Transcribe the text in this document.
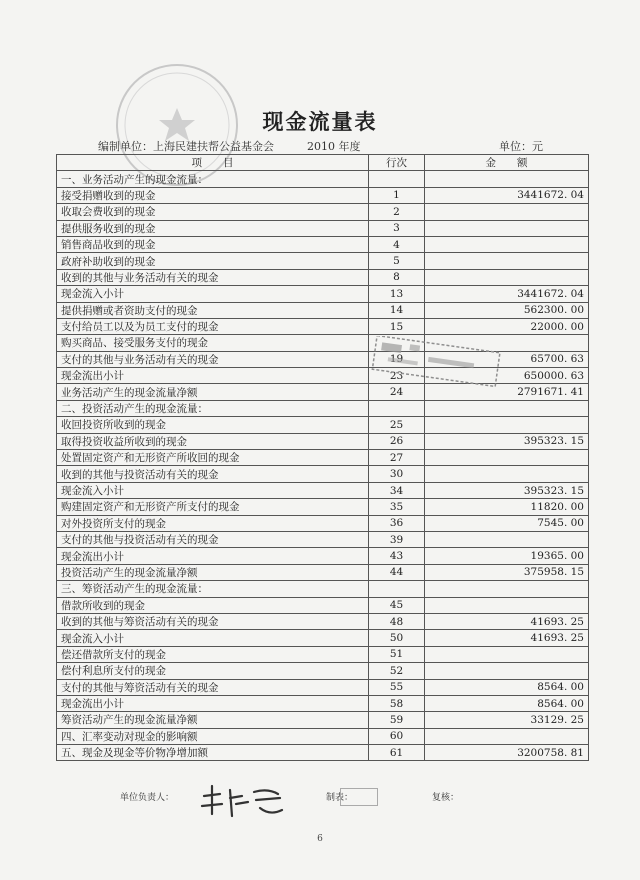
现金流量表
编制单位：上海民建扶帮公益基金会	2010 年度	单位：元
项　　目	行次	金　　额
一、业务活动产生的现金流量：		
接受捐赠收到的现金	1	3441672. 04
收取会费收到的现金	2	
提供服务收到的现金	3	
销售商品收到的现金	4	
政府补助收到的现金	5	
收到的其他与业务活动有关的现金	8	
现金流入小计	13	3441672. 04
提供捐赠或者资助支付的现金	14	562300. 00
支付给员工以及为员工支付的现金	15	22000. 00
购买商品、接受服务支付的现金		
支付的其他与业务活动有关的现金		65700. 63
现金流出小计	23	650000. 63
业务活动产生的现金流量净额	24	2791671. 41
二、投资活动产生的现金流量：		
收回投资所收到的现金	25	
取得投资收益所收到的现金	26	395323. 15
处置固定资产和无形资产所收回的现金	27	
收到的其他与投资活动有关的现金	30	
现金流入小计	34	395323. 15
购建固定资产和无形资产所支付的现金	35	11820. 00
对外投资所支付的现金	36	7545. 00
支付的其他与投资活动有关的现金	39	
现金流出小计	43	19365. 00
投资活动产生的现金流量净额	44	375958. 15
三、筹资活动产生的现金流量：		
借款所收到的现金	45	
收到的其他与筹资活动有关的现金	48	41693. 25
现金流入小计	50	41693. 25
偿还借款所支付的现金	51	
偿付利息所支付的现金	52	
支付的其他与筹资活动有关的现金	55	8564. 00
现金流出小计	58	8564. 00
筹资活动产生的现金流量净额	59	33129. 25
四、汇率变动对现金的影响额	60	
五、现金及现金等价物净增加额	61	3200758. 81
单位负责人：	制表：	复核：
6
